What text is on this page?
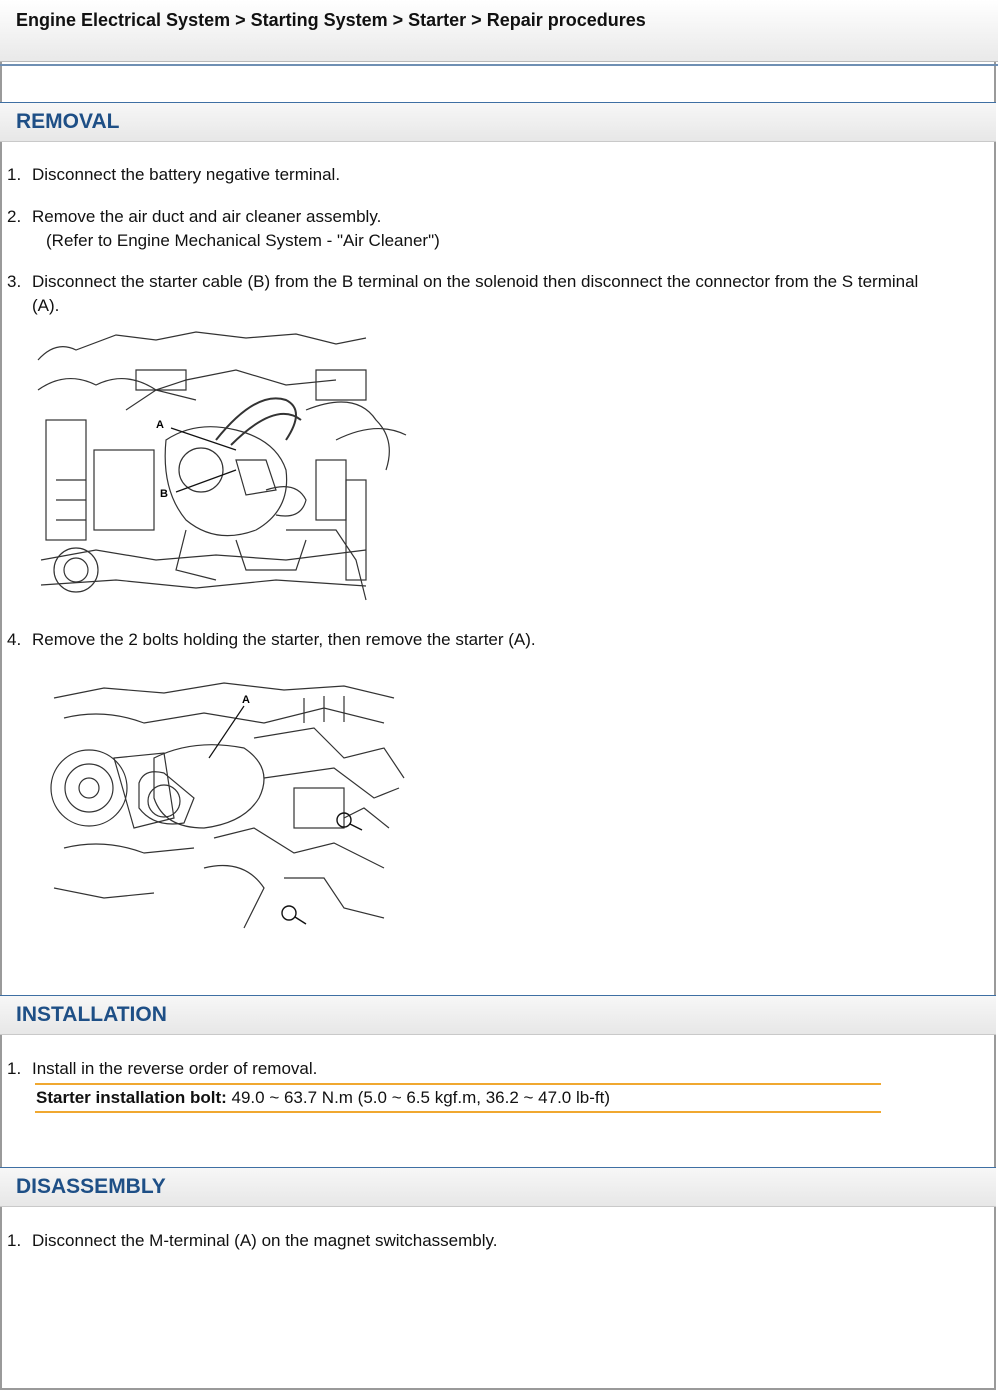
Engine Electrical System > Starting System > Starter > Repair procedures
REMOVAL
1. Disconnect the battery negative terminal.
2. Remove the air duct and air cleaner assembly.
(Refer to Engine Mechanical System - "Air Cleaner")
3. Disconnect the starter cable (B) from the B terminal on the solenoid then disconnect the connector from the S terminal (A).
A
B
4. Remove the 2 bolts holding the starter, then remove the starter (A).
A
INSTALLATION
1. Install in the reverse order of removal.
Starter installation bolt: 49.0 ~ 63.7 N.m (5.0 ~ 6.5 kgf.m, 36.2 ~ 47.0 lb-ft)
DISASSEMBLY
1. Disconnect the M-terminal (A) on the magnet switchassembly.
